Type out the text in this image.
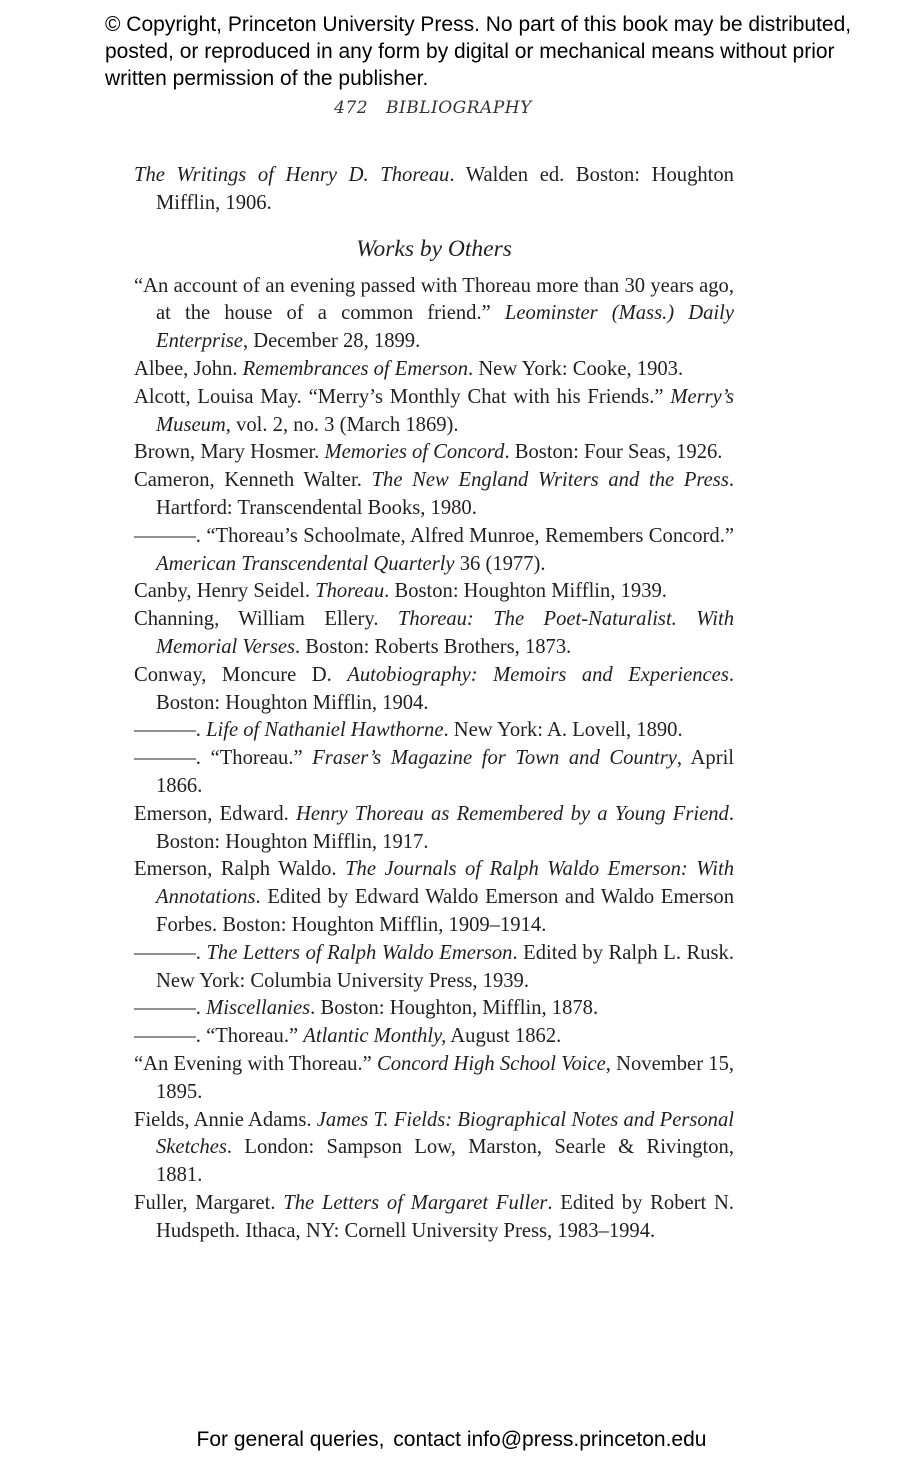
© Copyright, Princeton University Press. No part of this book may be distributed, posted, or reproduced in any form by digital or mechanical means without prior written permission of the publisher.
472 BIBLIOGRAPHY

The Writings of Henry D. Thoreau. Walden ed. Boston: Houghton Mifflin, 1906.

Works by Others

“An account of an evening passed with Thoreau more than 30 years ago, at the house of a common friend.” Leominster (Mass.) Daily Enterprise, December 28, 1899.

Albee, John. Remembrances of Emerson. New York: Cooke, 1903.

Alcott, Louisa May. “Merry’s Monthly Chat with his Friends.” Merry’s Museum, vol. 2, no. 3 (March 1869).

Brown, Mary Hosmer. Memories of Concord. Boston: Four Seas, 1926.

Cameron, Kenneth Walter. The New England Writers and the Press. Hartford: Transcendental Books, 1980.

———. “Thoreau’s Schoolmate, Alfred Munroe, Remembers Concord.” American Transcendental Quarterly 36 (1977).

Canby, Henry Seidel. Thoreau. Boston: Houghton Mifflin, 1939.

Channing, William Ellery. Thoreau: The Poet-Naturalist. With Memorial Verses. Boston: Roberts Brothers, 1873.

Conway, Moncure D. Autobiography: Memoirs and Experiences. Boston: Houghton Mifflin, 1904.

———. Life of Nathaniel Hawthorne. New York: A. Lovell, 1890.

———. “Thoreau.” Fraser’s Magazine for Town and Country, April 1866.

Emerson, Edward. Henry Thoreau as Remembered by a Young Friend. Boston: Houghton Mifflin, 1917.

Emerson, Ralph Waldo. The Journals of Ralph Waldo Emerson: With Annotations. Edited by Edward Waldo Emerson and Waldo Emerson Forbes. Boston: Houghton Mifflin, 1909–1914.

———. The Letters of Ralph Waldo Emerson. Edited by Ralph L. Rusk. New York: Columbia University Press, 1939.

———. Miscellanies. Boston: Houghton, Mifflin, 1878.

———. “Thoreau.” Atlantic Monthly, August 1862.

“An Evening with Thoreau.” Concord High School Voice, November 15, 1895.

Fields, Annie Adams. James T. Fields: Biographical Notes and Personal Sketches. London: Sampson Low, Marston, Searle & Rivington, 1881.

Fuller, Margaret. The Letters of Margaret Fuller. Edited by Robert N. Hudspeth. Ithaca, NY: Cornell University Press, 1983–1994.

For general queries, contact info@press.princeton.edu
